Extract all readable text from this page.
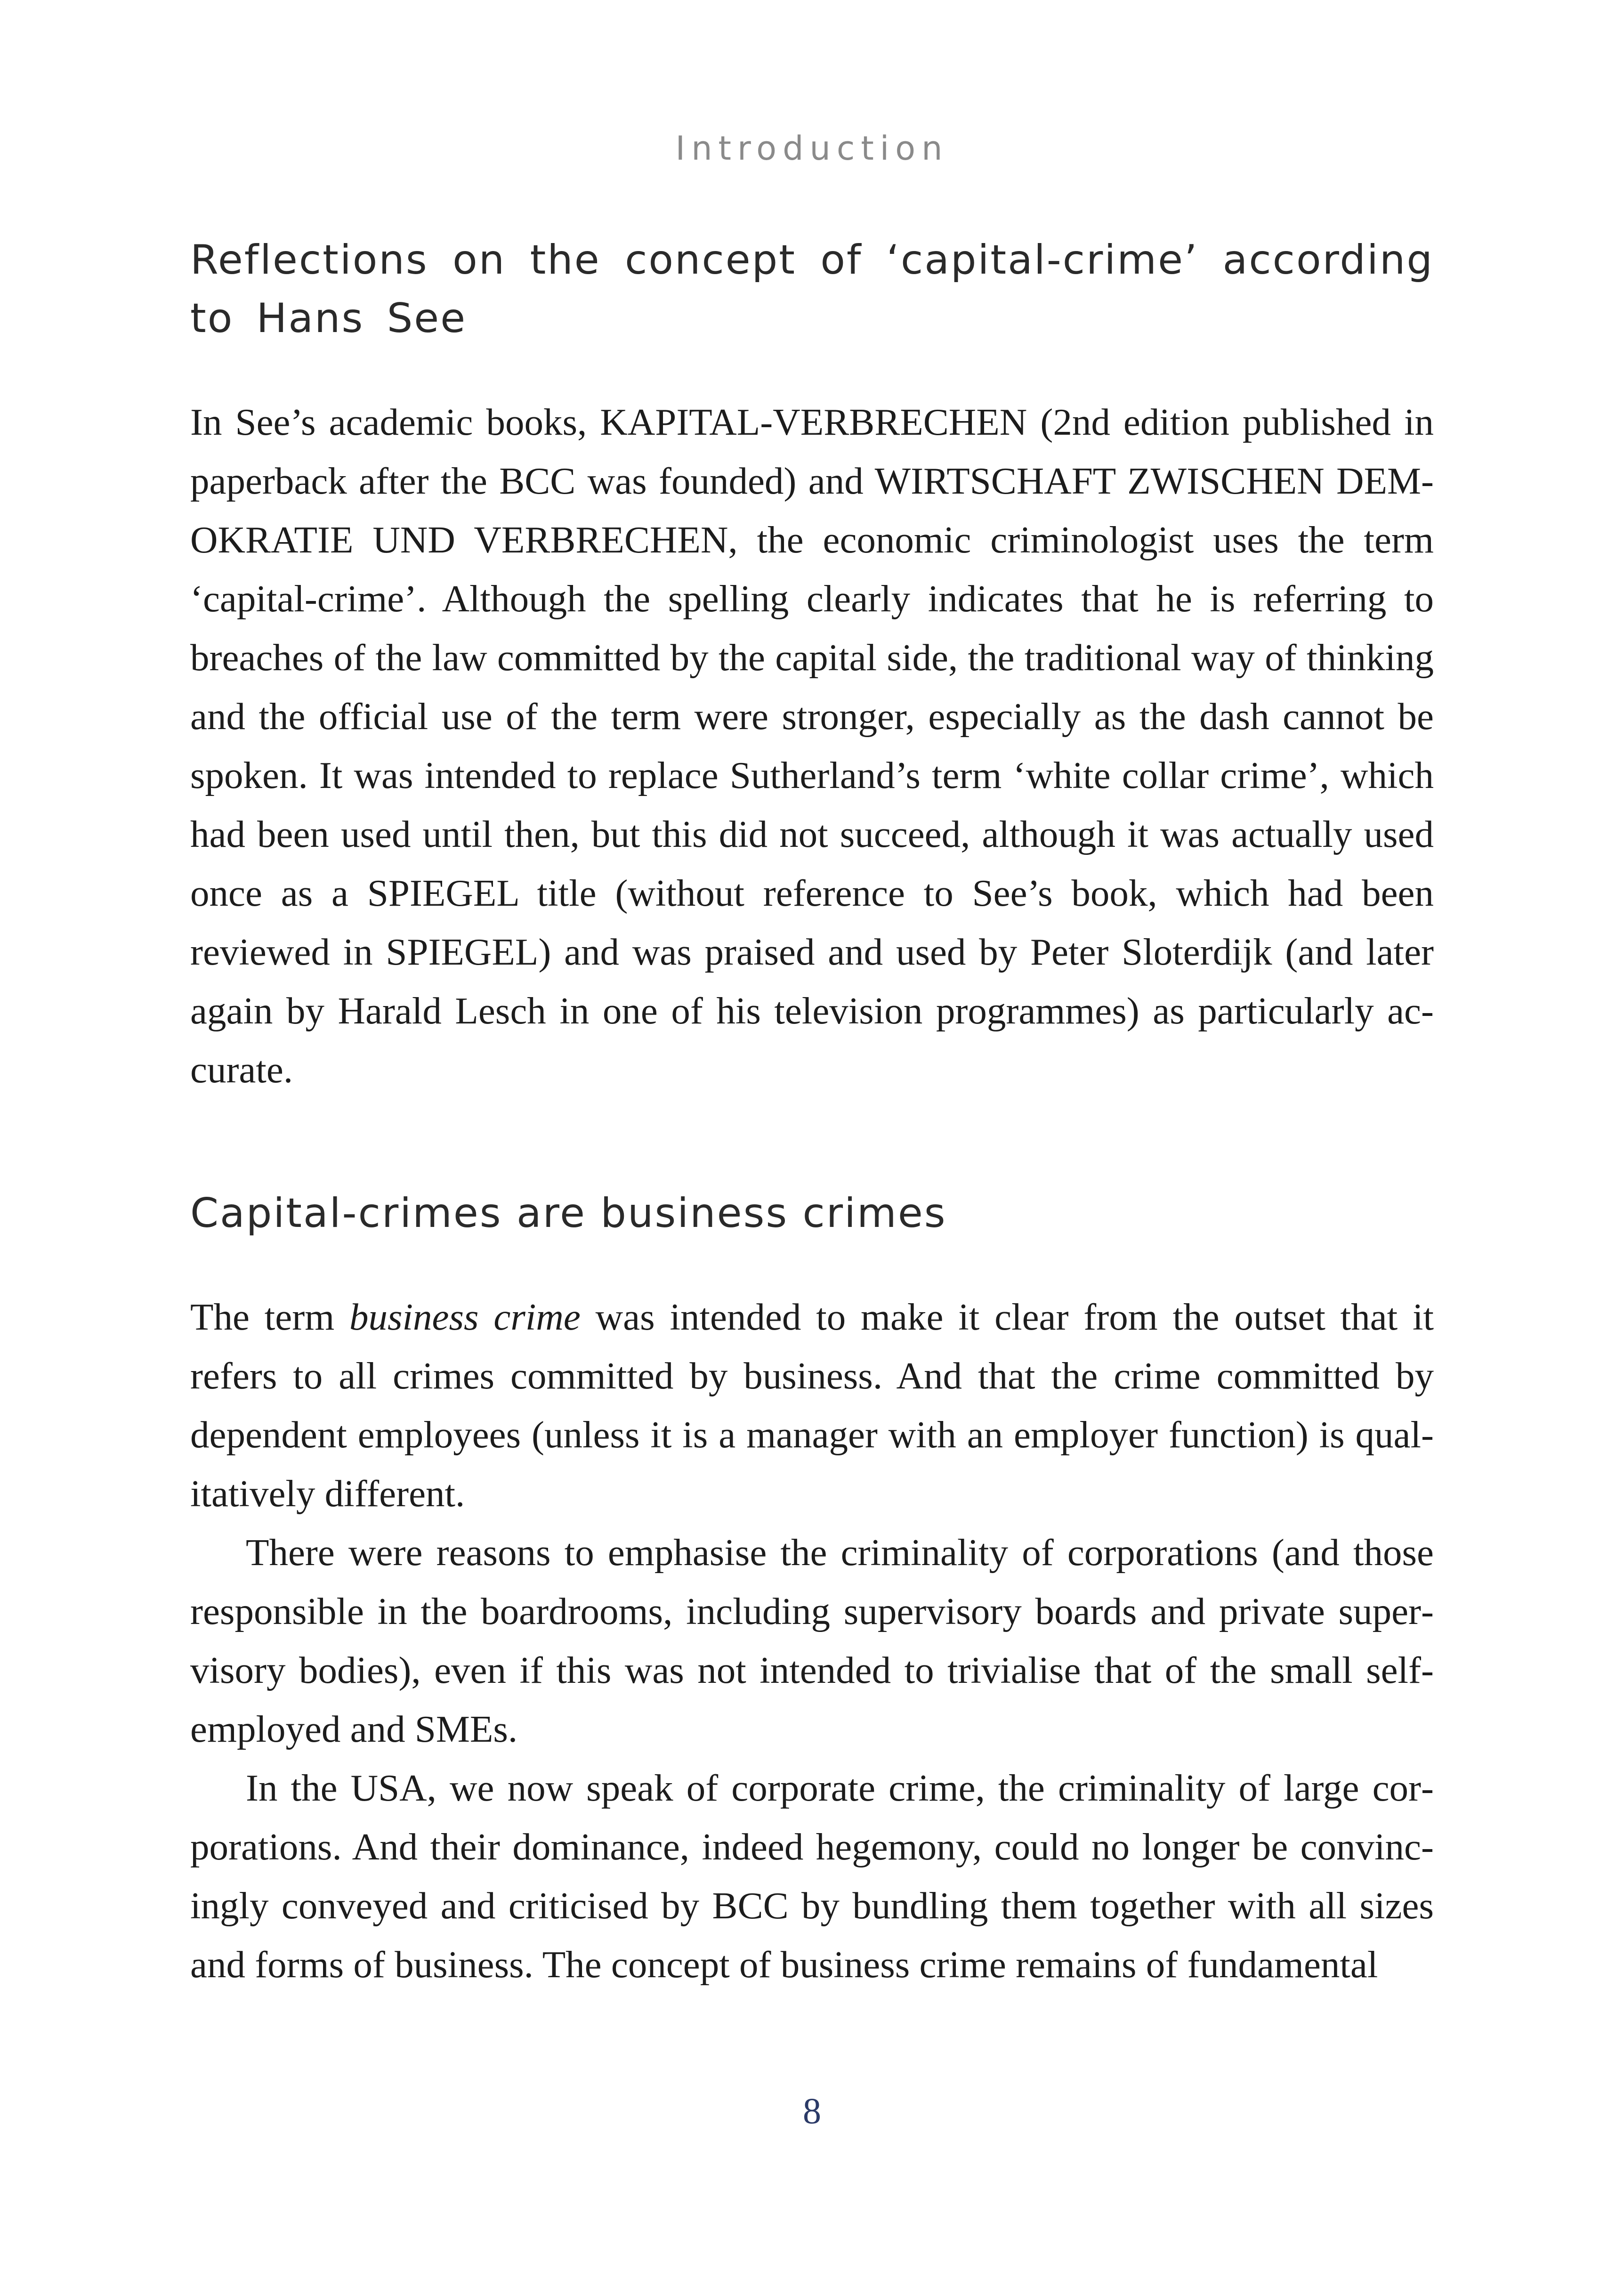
Introduction
Reflections on the concept of ‘capital-crime’ according to Hans See

In See’s academic books, KAPITAL-VERBRECHEN (2nd edition published in paperback after the BCC was founded) and WIRTSCHAFT ZWISCHEN DEMOKRATIE UND VERBRECHEN, the economic criminologist uses the term ‘capital-crime’. Although the spelling clearly indicates that he is referring to breaches of the law committed by the capital side, the traditional way of thinking and the official use of the term were stronger, especially as the dash cannot be spoken. It was intended to replace Sutherland’s term ‘white collar crime’, which had been used until then, but this did not succeed, although it was actually used once as a SPIEGEL title (without reference to See’s book, which had been reviewed in SPIEGEL) and was praised and used by Peter Sloterdijk (and later again by Harald Lesch in one of his television programmes) as particularly accurate.

Capital-crimes are business crimes

The term business crime was intended to make it clear from the outset that it refers to all crimes committed by business. And that the crime committed by dependent employees (unless it is a manager with an employer function) is qualitatively different.

There were reasons to emphasise the criminality of corporations (and those responsible in the boardrooms, including supervisory boards and private supervisory bodies), even if this was not intended to trivialise that of the small self-employed and SMEs.

In the USA, we now speak of corporate crime, the criminality of large corporations. And their dominance, indeed hegemony, could no longer be convincingly conveyed and criticised by BCC by bundling them together with all sizes and forms of business. The concept of business crime remains of fundamental

8
